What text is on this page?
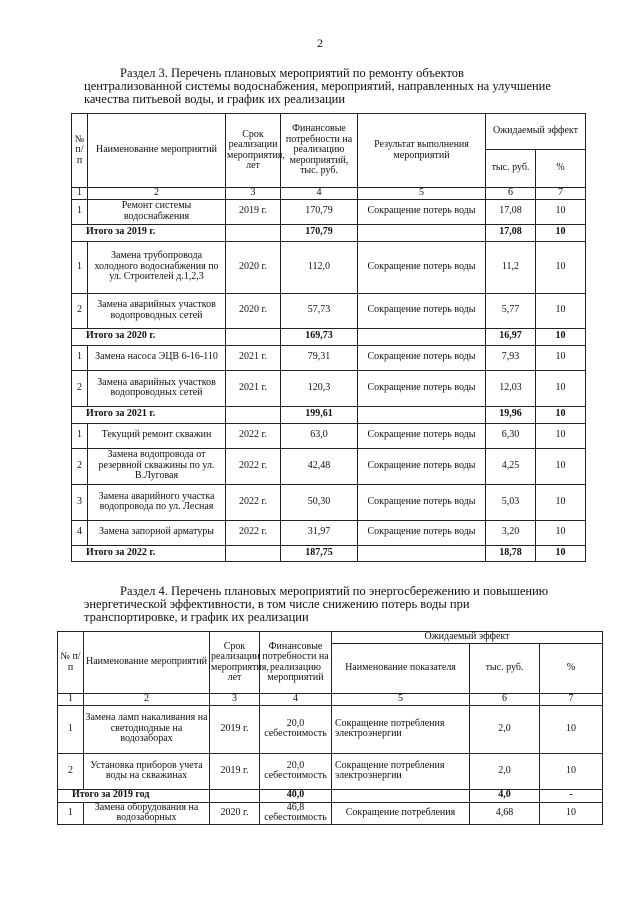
2
Раздел 3. Перечень плановых мероприятий по ремонту объектов
централизованной системы водоснабжения, мероприятий, направленных на улучшение
качества питьевой воды, и график их реализации
№ п/ п	Наименование мероприятий	Срок реализации мероприятия, лет	Финансовые потребности на реализацию мероприятий, тыс. руб.	Результат выполнения мероприятий	Ожидаемый эффект	
					тыс. руб.	%
1	2	3	4	5	6	7
1	Ремонт системы водоснабжения	2019 г.	170,79	Сокращение потерь воды	17,08	10
Итого за 2019 г.			170,79		17,08	10
1	Замена трубопровода холодного водоснабжения по ул. Строителей д.1,2,3	2020 г.	112,0	Сокращение потерь воды	11,2	10
2	Замена аварийных участков водопроводных сетей	2020 г.	57,73	Сокращение потерь воды	5,77	10
Итого за 2020 г.			169,73		16,97	10
1	Замена насоса ЭЦВ 6-16-110	2021 г.	79,31	Сокращение потерь воды	7,93	10
2	Замена аварийных участков водопроводных сетей	2021 г.	120,3	Сокращение потерь воды	12,03	10
Итого за 2021 г.			199,61		19,96	10
1	Текущий ремонт скважин	2022 г.	63,0	Сокращение потерь воды	6,30	10
2	Замена водопровода от резервной скважины по ул. В.Луговая	2022 г.	42,48	Сокращение потерь воды	4,25	10
3	Замена аварийного участка водопровода по ул. Лесная	2022 г.	50,30	Сокращение потерь воды	5,03	10
4	Замена запорной арматуры	2022 г.	31,97	Сокращение потерь воды	3,20	10
Итого за 2022 г.			187,75		18,78	10
Раздел 4. Перечень плановых мероприятий по энергосбережению и повышению
энергетической эффективности, в том числе снижению потерь воды при
транспортировке, и график их реализации
№ п/п	Наименование мероприятий	Срок реализации мероприятия, лет	Финансовые потребности на реализацию мероприятий	Ожидаемый эффект		
				Наименование показателя	тыс. руб.	%
1	2	3	4	5	6	7
1	Замена ламп накаливания на светодиодные на водозаборах	2019 г.	20,0 себестоимость	Сокращение потребления электроэнергии	2,0	10
2	Установка приборов учета воды на скважинах	2019 г.	20,0 себестоимость	Сокращение потребления электроэнергии	2,0	10
Итого за 2019 год			40,0		4,0	-
1	Замена оборудования на водозаборных	2020 г.	46,8 себестоимость	Сокращение потребления	4,68	10
